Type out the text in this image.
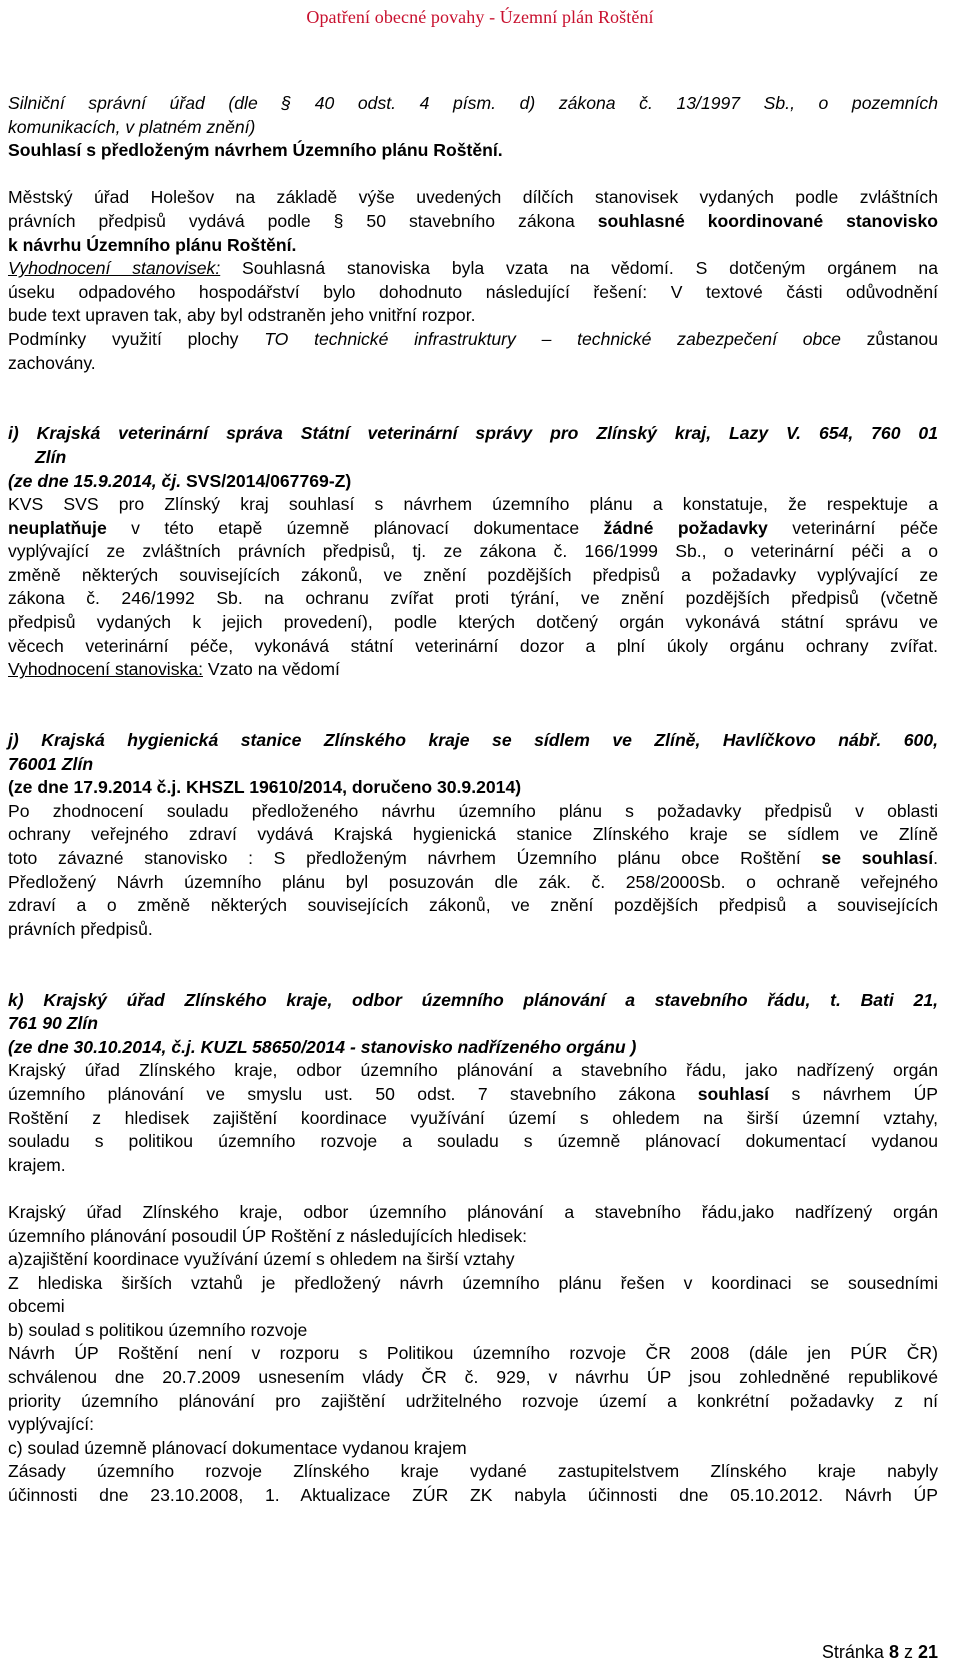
Opatření obecné povahy - Územní plán Roštění

Silniční správní úřad (dle § 40 odst. 4 písm. d) zákona č. 13/1997 Sb., o pozemních

komunikacích, v platném znění)

Souhlasí s předloženým návrhem Územního plánu Roštění.

Městský úřad Holešov na základě výše uvedených dílčích stanovisek vydaných podle zvláštních

právních předpisů vydává podle § 50 stavebního zákona souhlasné koordinované stanovisko

k návrhu Územního plánu Roštění.

Vyhodnocení stanovisek: Souhlasná stanoviska byla vzata na vědomí. S dotčeným orgánem na

úseku odpadového hospodářství bylo dohodnuto následující řešení: V textové části odůvodnění

bude text upraven tak, aby byl odstraněn jeho vnitřní rozpor.

Podmínky využití plochy TO technické infrastruktury – technické zabezpečení obce zůstanou

zachovány.

i) Krajská veterinární správa Státní veterinární správy pro Zlínský kraj, Lazy V. 654, 760 01

Zlín

(ze dne 15.9.2014, čj. SVS/2014/067769-Z)

KVS SVS pro Zlínský kraj souhlasí s návrhem územního plánu a konstatuje, že respektuje a

neuplatňuje v této etapě územně plánovací dokumentace žádné požadavky veterinární péče

vyplývající ze zvláštních právních předpisů, tj. ze zákona č. 166/1999 Sb., o veterinární péči a o

změně některých souvisejících zákonů, ve znění pozdějších předpisů a požadavky vyplývající ze

zákona č. 246/1992 Sb. na ochranu zvířat proti týrání, ve znění pozdějších předpisů (včetně

předpisů vydaných k jejich provedení), podle kterých dotčený orgán vykonává státní správu ve

věcech veterinární péče, vykonává státní veterinární dozor a plní úkoly orgánu ochrany zvířat.

Vyhodnocení stanoviska: Vzato na vědomí

j) Krajská hygienická stanice Zlínského kraje se sídlem ve Zlíně, Havlíčkovo nábř. 600,

76001 Zlín

(ze dne 17.9.2014 č.j. KHSZL 19610/2014, doručeno 30.9.2014)

Po zhodnocení souladu předloženého návrhu územního plánu s požadavky předpisů v oblasti

ochrany veřejného zdraví vydává Krajská hygienická stanice Zlínského kraje se sídlem ve Zlíně

toto závazné stanovisko : S předloženým návrhem Územního plánu obce Roštění se souhlasí.

Předložený Návrh územního plánu byl posuzován dle zák. č. 258/2000Sb. o ochraně veřejného

zdraví a o změně některých souvisejících zákonů, ve znění pozdějších předpisů a souvisejících

právních předpisů.

k) Krajský úřad Zlínského kraje, odbor územního plánování a stavebního řádu, t. Bati 21,

761 90 Zlín

(ze dne 30.10.2014, č.j. KUZL 58650/2014 - stanovisko nadřízeného orgánu )

Krajský úřad Zlínského kraje, odbor územního plánování a stavebního řádu, jako nadřízený orgán

územního plánování ve smyslu ust. 50 odst. 7 stavebního zákona souhlasí s návrhem ÚP

Roštění z hledisek zajištění koordinace využívání území s ohledem na širší územní vztahy,

souladu s politikou územního rozvoje a souladu s územně plánovací dokumentací vydanou

krajem.

Krajský úřad Zlínského kraje, odbor územního plánování a stavebního řádu,jako nadřízený orgán

územního plánování posoudil ÚP Roštění z následujících hledisek:

a)zajištění koordinace využívání území s ohledem na širší vztahy

Z hlediska širších vztahů je předložený návrh územního plánu řešen v koordinaci se sousedními

obcemi

b) soulad s politikou územního rozvoje

Návrh ÚP Roštění není v rozporu s Politikou územního rozvoje ČR 2008 (dále jen PÚR ČR)

schválenou dne 20.7.2009 usnesením vlády ČR č. 929, v návrhu ÚP jsou zohledněné republikové

priority územního plánování pro zajištění udržitelného rozvoje území a konkrétní požadavky z ní

vyplývající:

c) soulad územně plánovací dokumentace vydanou krajem

Zásady územního rozvoje Zlínského kraje vydané zastupitelstvem Zlínského kraje nabyly

účinnosti dne 23.10.2008, 1. Aktualizace ZÚR ZK nabyla účinnosti dne 05.10.2012. Návrh ÚP

Stránka 8 z 21
